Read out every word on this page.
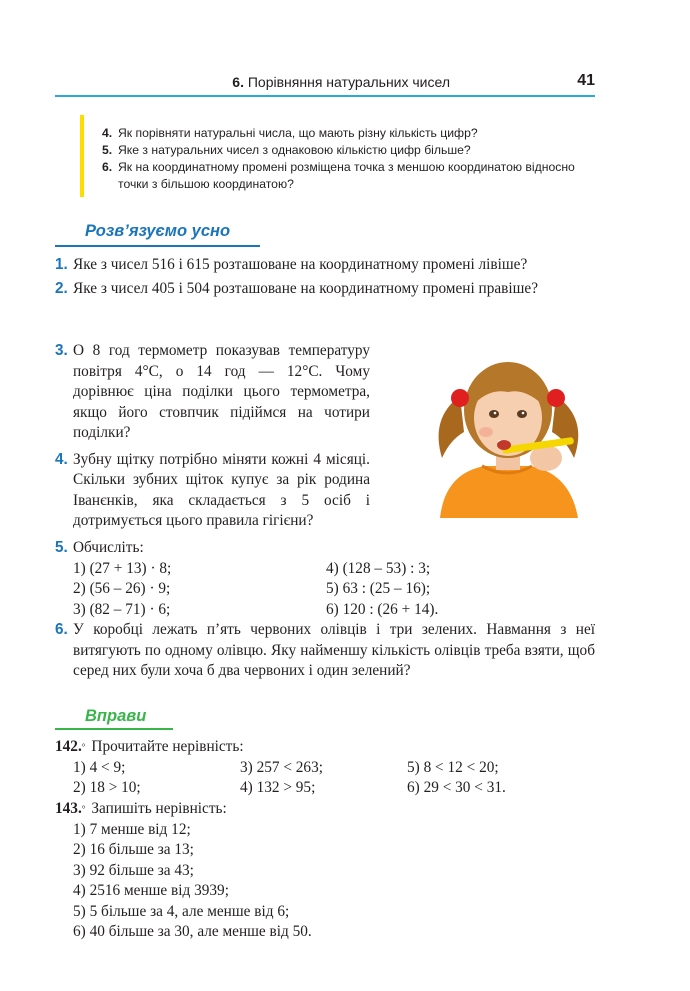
6. Порівняння натуральних чисел	41
4. Як порівняти натуральні числа, що мають різну кількість цифр?
5. Яке з натуральних чисел з однаковою кількістю цифр більше?
6. Як на координатному промені розміщена точка з меншою координатою відносно точки з більшою координатою?
Розв’язуємо усно
1. Яке з чисел 516 і 615 розташоване на координатному промені лівіше?
2. Яке з чисел 405 і 504 розташоване на координатному промені правіше?
3. О 8 год термометр показував температуру повітря 4°С, о 14 год — 12°С. Чому дорівнює ціна поділки цього термометра, якщо його стовпчик підіймся на чотири поділки?
4. Зубну щітку потрібно міняти кожні 4 місяці. Скільки зубних щіток купує за рік родина Іванєнків, яка складається з 5 осіб і дотримується цього правила гігієни?
5. Обчисліть:
1) (27 + 13) · 8;	4) (128 – 53) : 3;
2) (56 – 26) · 9;	5) 63 : (25 – 16);
3) (82 – 71) · 6;	6) 120 : (26 + 14).
6. У коробці лежать п’ять червоних олівців і три зелених. Навмання з неї витягують по одному олівцю. Яку найменшу кількість олівців треба взяти, щоб серед них були хоча б два червоних і один зелений?
Вправи
142. ° Прочитайте нерівність:
1) 4 < 9;	3) 257 < 263;	5) 8 < 12 < 20;
2) 18 > 10;	4) 132 > 95;	6) 29 < 30 < 31.
143. ° Запишіть нерівність:
1) 7 менше від 12;
2) 16 більше за 13;
3) 92 більше за 43;
4) 2516 менше від 3939;
5) 5 більше за 4, але менше від 6;
6) 40 більше за 30, але менше від 50.
